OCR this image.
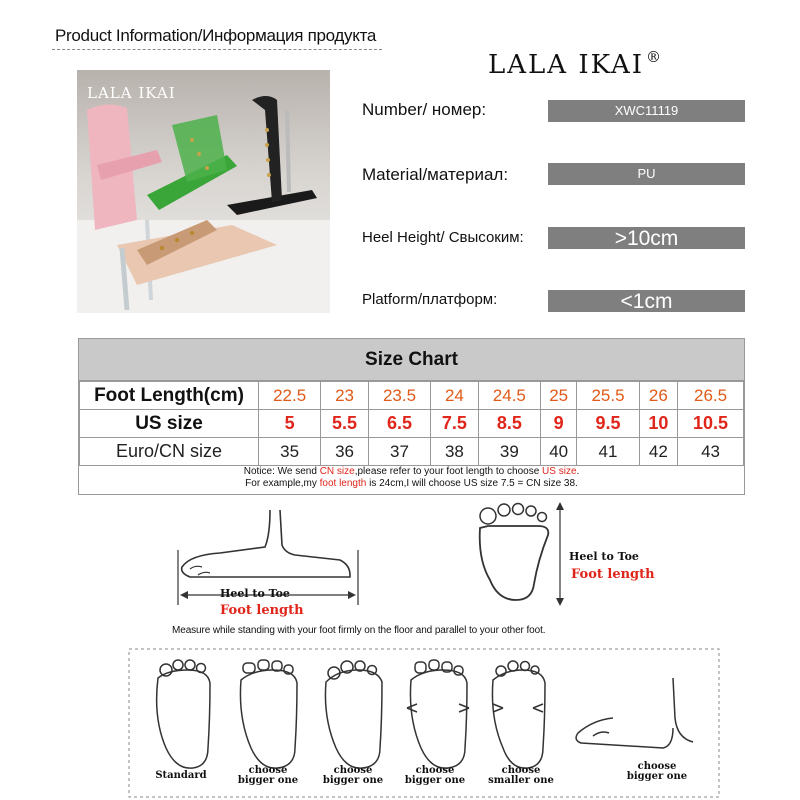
Product Information/Информация продукта
LALA IKAI ®
LALA IKAI
Number/ номер:	XWC11119
Material/материал:	PU
Heel Height/ Свысоким:	>10cm
Platform/платформ:	<1cm
Size Chart
Foot Length(cm)	22.5	23	23.5	24	24.5	25	25.5	26	26.5
US size	5	5.5	6.5	7.5	8.5	9	9.5	10	10.5
Euro/CN size	35	36	37	38	39	40	41	42	43
Notice: We send CN size,please refer to your foot length to choose US size.
For example,my foot length is 24cm,I will choose US size 7.5 = CN size 38.
Heel to Toe
Foot length
Heel to Toe
Foot length
Measure while standing with your foot firmly on the floor and parallel to your other foot.
Standard	choose
bigger one
choose
bigger one
choose
bigger one
choose
smaller one
choose
bigger one
